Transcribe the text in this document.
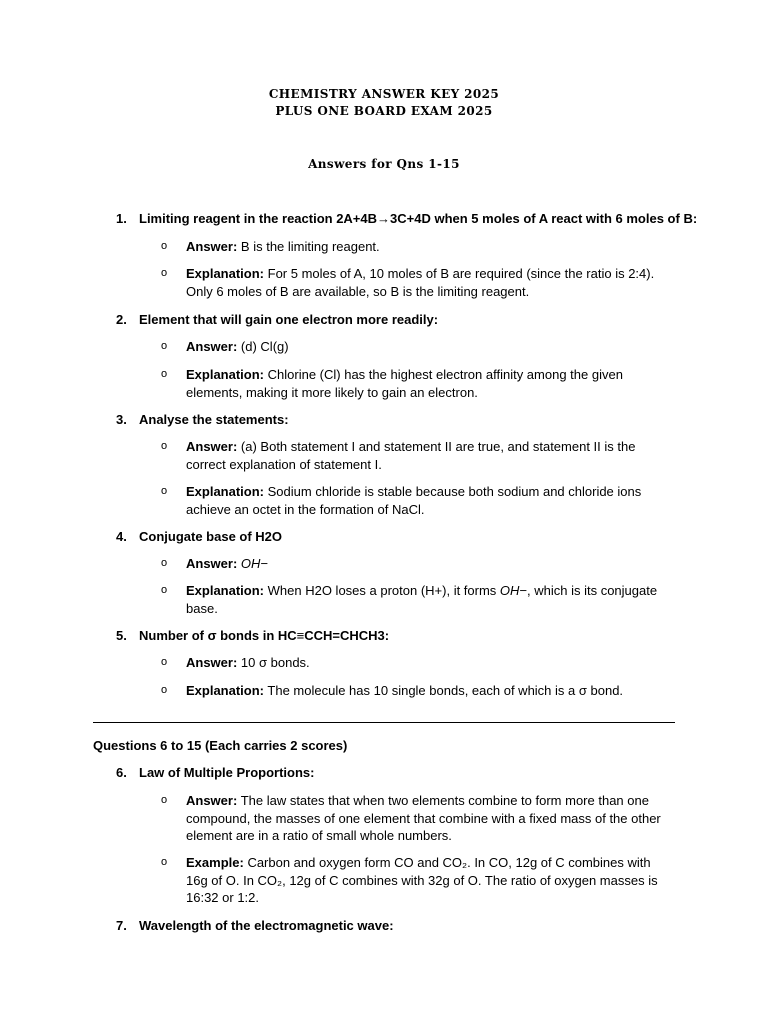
CHEMISTRY ANSWER KEY 2025
PLUS ONE BOARD EXAM 2025
Answers for Qns 1-15
1. Limiting reagent in the reaction 2A+4B→3C+4D when 5 moles of A react with 6 moles of B:
o Answer: B is the limiting reagent.
o Explanation: For 5 moles of A, 10 moles of B are required (since the ratio is 2:4). Only 6 moles of B are available, so B is the limiting reagent.
2. Element that will gain one electron more readily:
o Answer: (d) Cl(g)
o Explanation: Chlorine (Cl) has the highest electron affinity among the given elements, making it more likely to gain an electron.
3. Analyse the statements:
o Answer: (a) Both statement I and statement II are true, and statement II is the correct explanation of statement I.
o Explanation: Sodium chloride is stable because both sodium and chloride ions achieve an octet in the formation of NaCl.
4. Conjugate base of H2O
o Answer: OH−
o Explanation: When H2O loses a proton (H+), it forms OH−, which is its conjugate base.
5. Number of σ bonds in HC≡CCH=CHCH3:
o Answer: 10 σ bonds.
o Explanation: The molecule has 10 single bonds, each of which is a σ bond.
Questions 6 to 15 (Each carries 2 scores)
6. Law of Multiple Proportions:
o Answer: The law states that when two elements combine to form more than one compound, the masses of one element that combine with a fixed mass of the other element are in a ratio of small whole numbers.
o Example: Carbon and oxygen form CO and CO₂. In CO, 12g of C combines with 16g of O. In CO₂, 12g of C combines with 32g of O. The ratio of oxygen masses is 16:32 or 1:2.
7. Wavelength of the electromagnetic wave:
